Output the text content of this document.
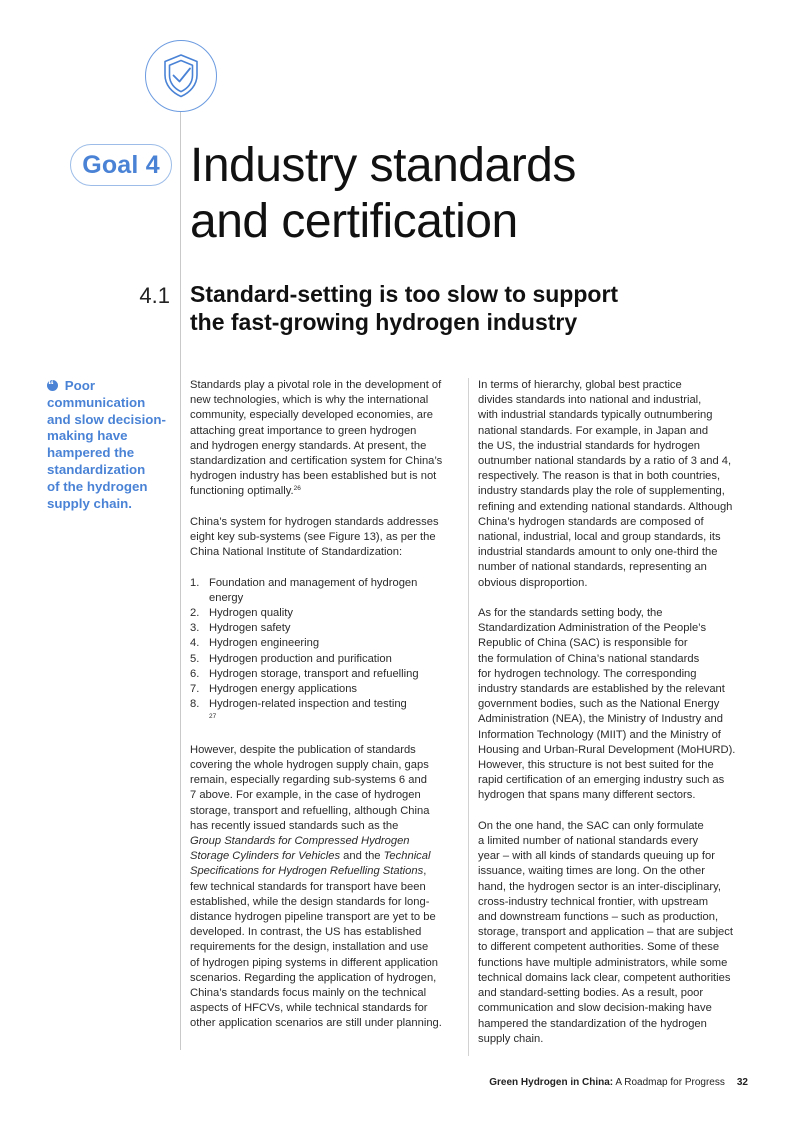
Goal 4 Industry standards
and certification
4.1 Standard-setting is too slow to support
the fast-growing hydrogen industry
“ Poor
communication
and slow decision-
making have
hampered the
standardization
of the hydrogen
supply chain.

Standards play a pivotal role in the development of
new technologies, which is why the international
community, especially developed economies, are
attaching great importance to green hydrogen
and hydrogen energy standards. At present, the
standardization and certification system for China’s
hydrogen industry has been established but is not
functioning optimally.$^{26}$

China’s system for hydrogen standards addresses
eight key sub-systems (see Figure 13), as per the
China National Institute of Standardization:

1. Foundation and management of hydrogen
energy
2. Hydrogen quality
3. Hydrogen safety
4. Hydrogen engineering
5. Hydrogen production and purification
6. Hydrogen storage, transport and refuelling
7. Hydrogen energy applications
8. Hydrogen-related inspection and testing
$^{27}$

However, despite the publication of standards
covering the whole hydrogen supply chain, gaps
remain, especially regarding sub-systems 6 and
7 above. For example, in the case of hydrogen
storage, transport and refuelling, although China
has recently issued standards such as the
Group Standards for Compressed Hydrogen
Storage Cylinders for Vehicles and the Technical
Specifications for Hydrogen Refuelling Stations,
few technical standards for transport have been
established, while the design standards for long-
distance hydrogen pipeline transport are yet to be
developed. In contrast, the US has established
requirements for the design, installation and use
of hydrogen piping systems in different application
scenarios. Regarding the application of hydrogen,
China’s standards focus mainly on the technical
aspects of HFCVs, while technical standards for
other application scenarios are still under planning.

In terms of hierarchy, global best practice
divides standards into national and industrial,
with industrial standards typically outnumbering
national standards. For example, in Japan and
the US, the industrial standards for hydrogen
outnumber national standards by a ratio of 3 and 4,
respectively. The reason is that in both countries,
industry standards play the role of supplementing,
refining and extending national standards. Although
China’s hydrogen standards are composed of
national, industrial, local and group standards, its
industrial standards amount to only one-third the
number of national standards, representing an
obvious disproportion.

As for the standards setting body, the
Standardization Administration of the People’s
Republic of China (SAC) is responsible for
the formulation of China’s national standards
for hydrogen technology. The corresponding
industry standards are established by the relevant
government bodies, such as the National Energy
Administration (NEA), the Ministry of Industry and
Information Technology (MIIT) and the Ministry of
Housing and Urban-Rural Development (MoHURD).
However, this structure is not best suited for the
rapid certification of an emerging industry such as
hydrogen that spans many different sectors.

On the one hand, the SAC can only formulate
a limited number of national standards every
year – with all kinds of standards queuing up for
issuance, waiting times are long. On the other
hand, the hydrogen sector is an inter-disciplinary,
cross-industry technical frontier, with upstream
and downstream functions – such as production,
storage, transport and application – that are subject
to different competent authorities. Some of these
functions have multiple administrators, while some
technical domains lack clear, competent authorities
and standard-setting bodies. As a result, poor
communication and slow decision-making have
hampered the standardization of the hydrogen
supply chain.

Green Hydrogen in China: A Roadmap for Progress 32
